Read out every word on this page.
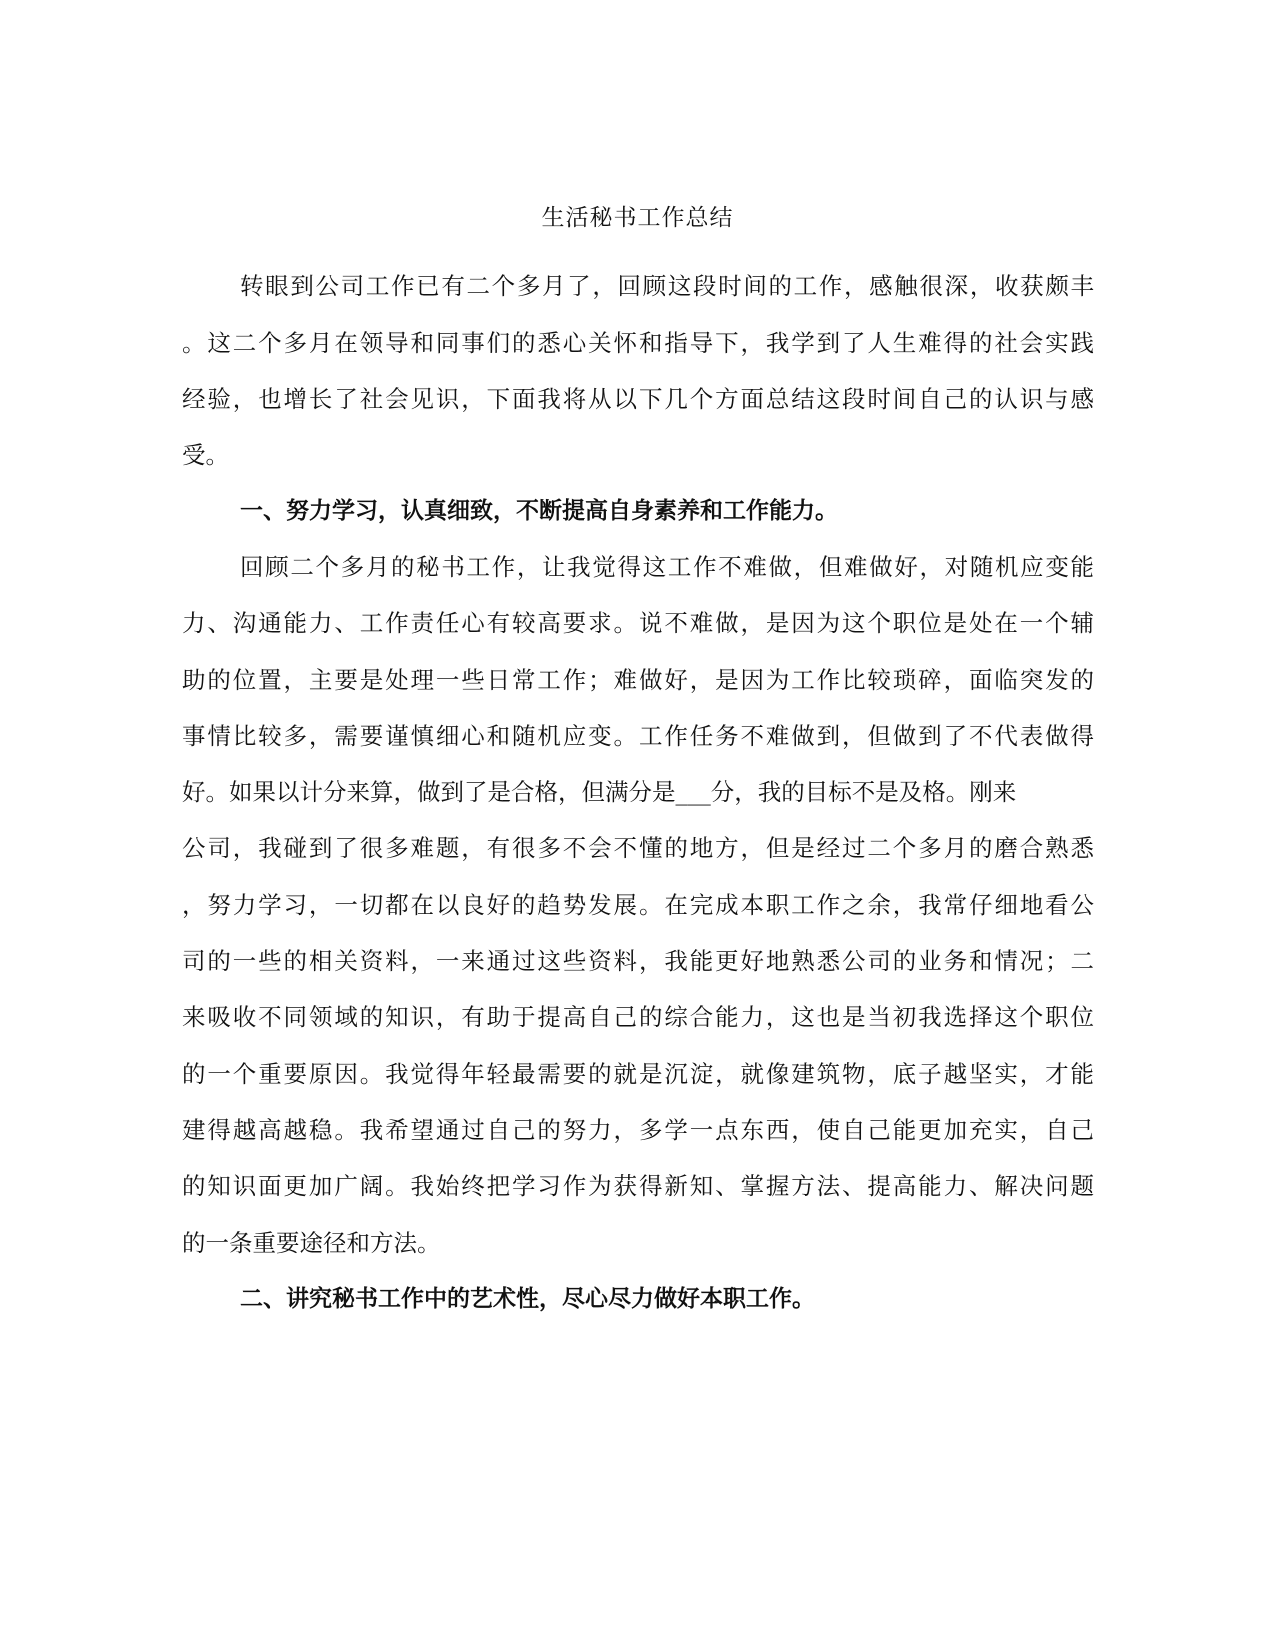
生活秘书工作总结

转眼到公司工作已有二个多月了，回顾这段时间的工作，感触很深，收获颇丰

。这二个多月在领导和同事们的悉心关怀和指导下，我学到了人生难得的社会实践

经验，也增长了社会见识，下面我将从以下几个方面总结这段时间自己的认识与感

受。

一、努力学习，认真细致，不断提高自身素养和工作能力。

回顾二个多月的秘书工作，让我觉得这工作不难做，但难做好，对随机应变能

力、沟通能力、工作责任心有较高要求。说不难做，是因为这个职位是处在一个辅

助的位置，主要是处理一些日常工作；难做好，是因为工作比较琐碎，面临突发的

事情比较多，需要谨慎细心和随机应变。工作任务不难做到，但做到了不代表做得

好。如果以计分来算，做到了是合格，但满分是___分，我的目标不是及格。刚来

公司，我碰到了很多难题，有很多不会不懂的地方，但是经过二个多月的磨合熟悉

，努力学习，一切都在以良好的趋势发展。在完成本职工作之余，我常仔细地看公

司的一些的相关资料，一来通过这些资料，我能更好地熟悉公司的业务和情况；二

来吸收不同领域的知识，有助于提高自己的综合能力，这也是当初我选择这个职位

的一个重要原因。我觉得年轻最需要的就是沉淀，就像建筑物，底子越坚实，才能

建得越高越稳。我希望通过自己的努力，多学一点东西，使自己能更加充实，自己

的知识面更加广阔。我始终把学习作为获得新知、掌握方法、提高能力、解决问题

的一条重要途径和方法。

二、讲究秘书工作中的艺术性，尽心尽力做好本职工作。
